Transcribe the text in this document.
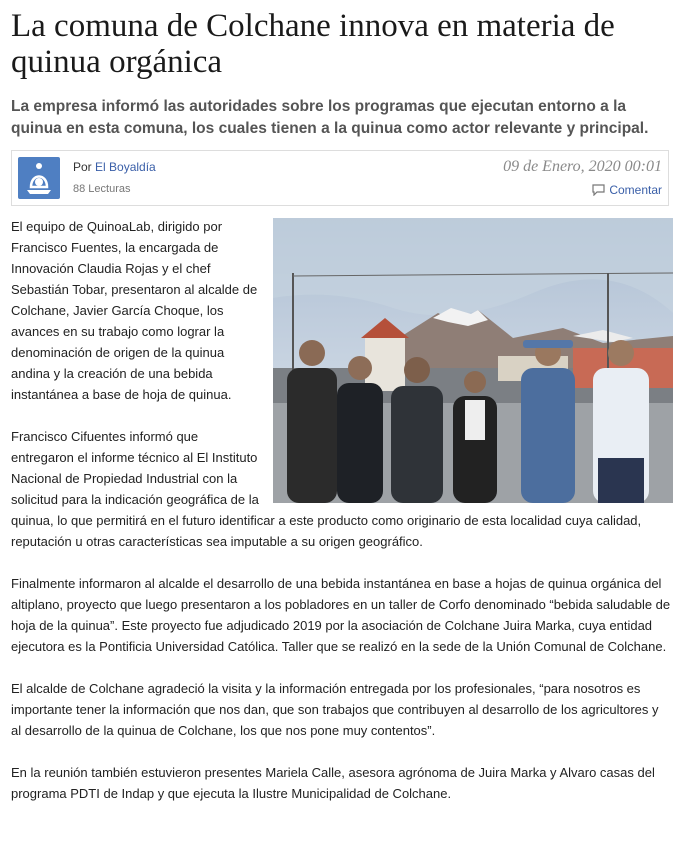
La comuna de Colchane innova en materia de quinua orgánica
La empresa informó las autoridades sobre los programas que ejecutan entorno a la quinua en esta comuna, los cuales tienen a la quinua como actor relevante y principal.
Por El Boyaldía
88 Lecturas
09 de Enero, 2020 00:01
Comentar

El equipo de QuinoaLab, dirigido por Francisco Fuentes, la encargada de Innovación Claudia Rojas y el chef Sebastián Tobar, presentaron al alcalde de Colchane, Javier García Choque, los avances en su trabajo como lograr la denominación de origen de la quinua andina y la creación de una bebida instantánea a base de hoja de quinua.

Francisco Cifuentes informó que entregaron el informe técnico al El Instituto Nacional de Propiedad Industrial con la solicitud para la indicación geográfica de la quinua, lo que permitirá en el futuro identificar a este producto como originario de esta localidad cuya calidad, reputación u otras características sea imputable a su origen geográfico.

Finalmente informaron al alcalde el desarrollo de una bebida instantánea en base a hojas de quinua orgánica del altiplano, proyecto que luego presentaron a los pobladores en un taller de Corfo denominado “bebida saludable de hoja de la quinua”. Este proyecto fue adjudicado 2019 por la asociación de Colchane Juira Marka, cuya entidad ejecutora es la Pontificia Universidad Católica. Taller que se realizó en la sede de la Unión Comunal de Colchane.

El alcalde de Colchane agradeció la visita y la información entregada por los profesionales, “para nosotros es importante tener la información que nos dan, que son trabajos que contribuyen al desarrollo de los agricultores y al desarrollo de la quinua de Colchane, los que nos pone muy contentos”.

En la reunión también estuvieron presentes Mariela Calle, asesora agrónoma de Juira Marka y Alvaro casas del programa PDTI de Indap y que ejecuta la Ilustre Municipalidad de Colchane.
